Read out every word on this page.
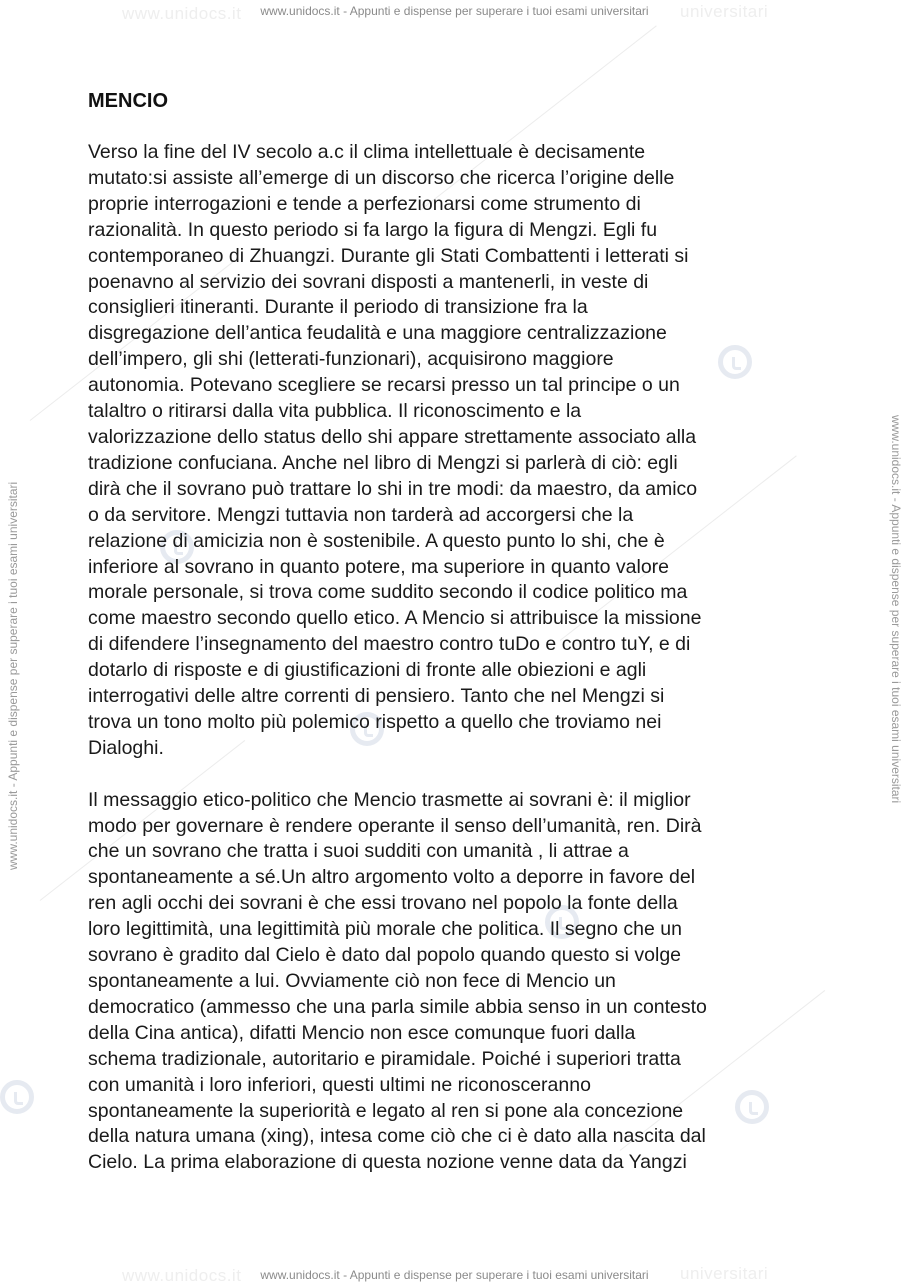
www.unidocs.it	universitari
www.unidocs.it	universitari
www.unidocs.it - Appunti e dispense per superare i tuoi esami universitari
www.unidocs.it - Appunti e dispense per superare i tuoi esami universitari
www.unidocs.it - Appunti e dispense per superare i tuoi esami universitari	www.unidocs.it - Appunti e dispense per superare i tuoi esami universitari
MENCIO

Verso la fine del IV secolo a.c il clima intellettuale è decisamente
mutato:si assiste all’emerge di un discorso che ricerca l’origine delle
proprie interrogazioni e tende a perfezionarsi come strumento di
razionalità. In questo periodo si fa largo la figura di Mengzi. Egli fu
contemporaneo di Zhuangzi. Durante gli Stati Combattenti i letterati si
poenavno al servizio dei sovrani disposti a mantenerli, in veste di
consiglieri itineranti. Durante il periodo di transizione fra la
disgregazione dell’antica feudalità e una maggiore centralizzazione
dell’impero, gli shi (letterati-funzionari), acquisirono maggiore
autonomia. Potevano scegliere se recarsi presso un tal principe o un
talaltro o ritirarsi dalla vita pubblica. Il riconoscimento e la
valorizzazione dello status dello shi appare strettamente associato alla
tradizione confuciana. Anche nel libro di Mengzi si parlerà di ciò: egli
dirà che il sovrano può trattare lo shi in tre modi: da maestro, da amico
o da servitore. Mengzi tuttavia non tarderà ad accorgersi che la
relazione di amicizia non è sostenibile. A questo punto lo shi, che è
inferiore al sovrano in quanto potere, ma superiore in quanto valore
morale personale, si trova come suddito secondo il codice politico ma
come maestro secondo quello etico. A Mencio si attribuisce la missione
di difendere l’insegnamento del maestro contro tuDo e contro tuY, e di
dotarlo di risposte e di giustificazioni di fronte alle obiezioni e agli
interrogativi delle altre correnti di pensiero. Tanto che nel Mengzi si
trova un tono molto più polemico rispetto a quello che troviamo nei
Dialoghi.

Il messaggio etico-politico che Mencio trasmette ai sovrani è: il miglior
modo per governare è rendere operante il senso dell’umanità, ren. Dirà
che un sovrano che tratta i suoi sudditi con umanità , li attrae a
spontaneamente a sé.Un altro argomento volto a deporre in favore del
ren agli occhi dei sovrani è che essi trovano nel popolo la fonte della
loro legittimità, una legittimità più morale che politica. Il segno che un
sovrano è gradito dal Cielo è dato dal popolo quando questo si volge
spontaneamente a lui. Ovviamente ciò non fece di Mencio un
democratico (ammesso che una parla simile abbia senso in un contesto
della Cina antica), difatti Mencio non esce comunque fuori dalla
schema tradizionale, autoritario e piramidale. Poiché i superiori tratta
con umanità i loro inferiori, questi ultimi ne riconosceranno
spontaneamente la superiorità e legato al ren si pone ala concezione
della natura umana (xing), intesa come ciò che ci è dato alla nascita dal
Cielo. La prima elaborazione di questa nozione venne data da Yangzi
